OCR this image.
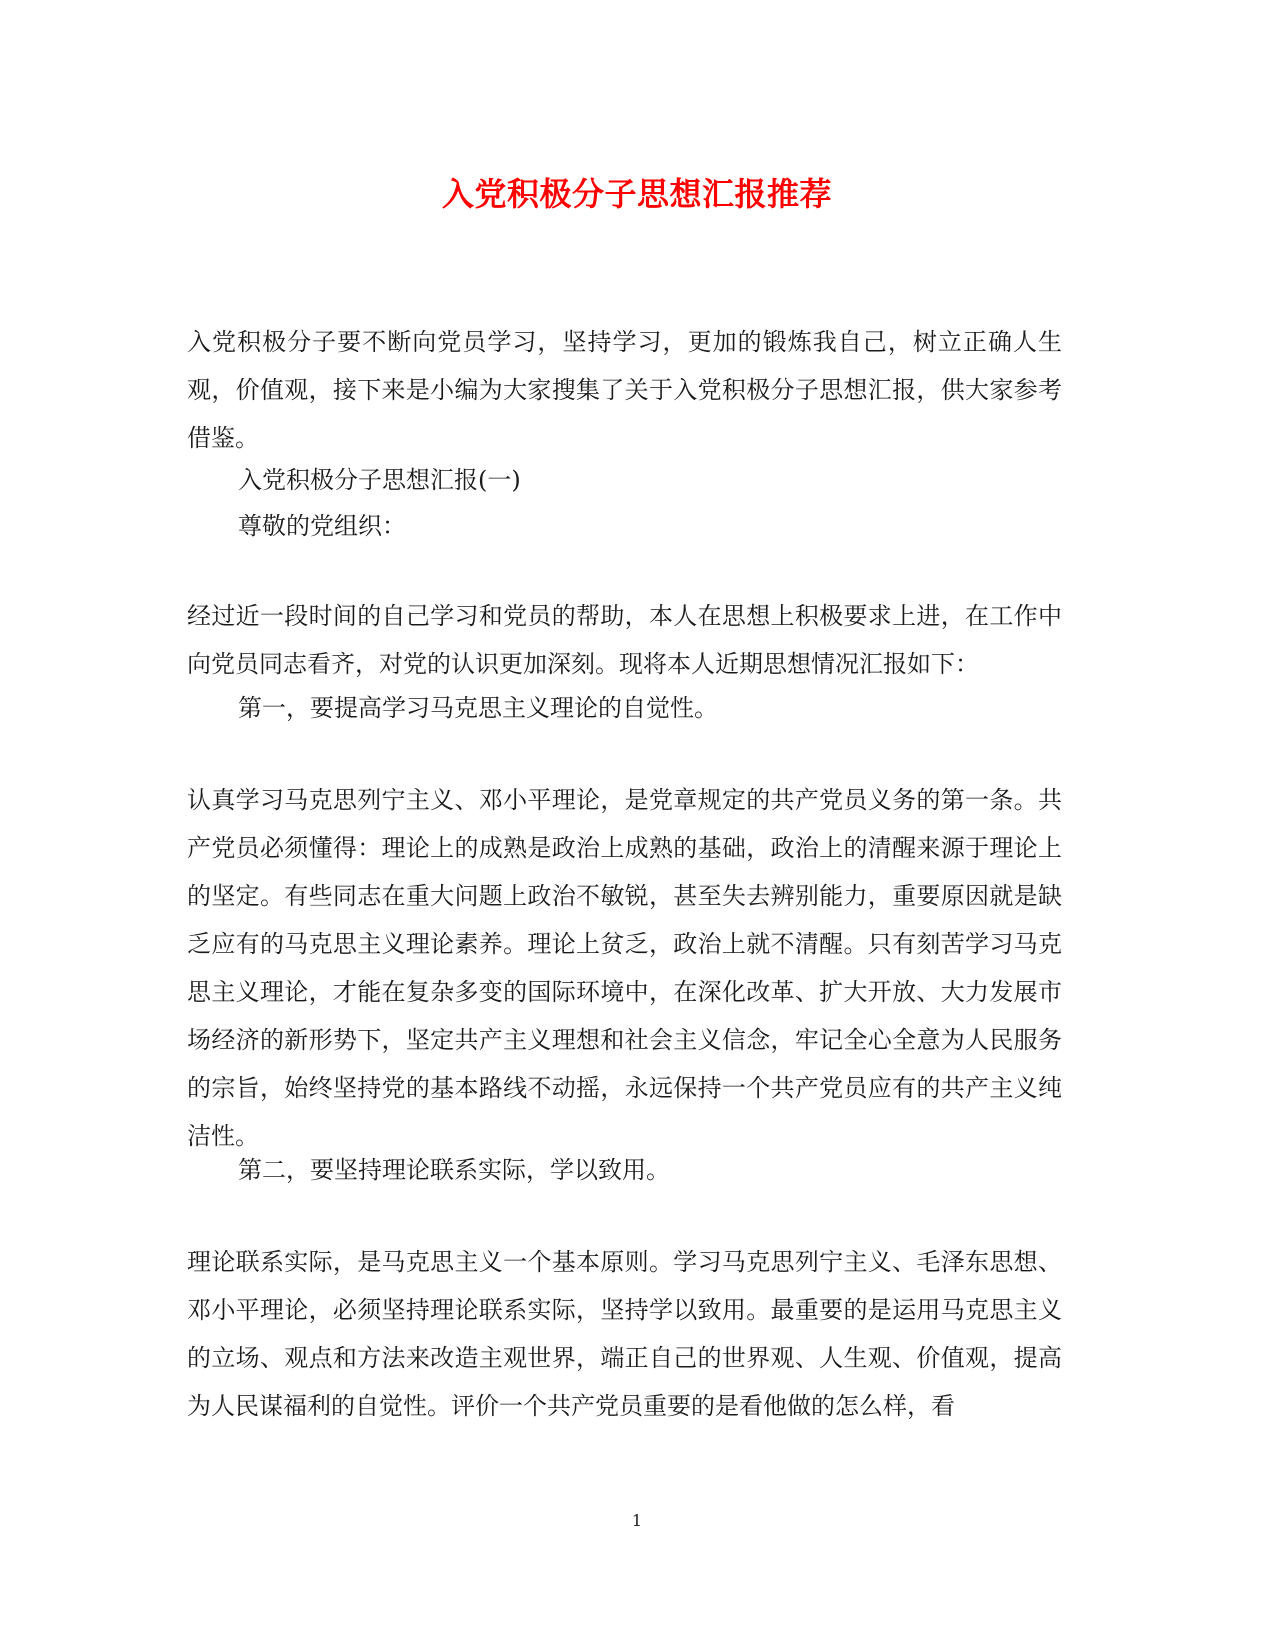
入党积极分子思想汇报推荐
入党积极分子要不断向党员学习，坚持学习，更加的锻炼我自己，树立正确人生观，价值观，接下来是小编为大家搜集了关于入党积极分子思想汇报，供大家参考借鉴。
入党积极分子思想汇报(一)
尊敬的党组织：
经过近一段时间的自己学习和党员的帮助，本人在思想上积极要求上进，在工作中向党员同志看齐，对党的认识更加深刻。现将本人近期思想情况汇报如下：
第一，要提高学习马克思主义理论的自觉性。
认真学习马克思列宁主义、邓小平理论，是党章规定的共产党员义务的第一条。共产党员必须懂得：理论上的成熟是政治上成熟的基础，政治上的清醒来源于理论上的坚定。有些同志在重大问题上政治不敏锐，甚至失去辨别能力，重要原因就是缺乏应有的马克思主义理论素养。理论上贫乏，政治上就不清醒。只有刻苦学习马克思主义理论，才能在复杂多变的国际环境中，在深化改革、扩大开放、大力发展市场经济的新形势下，坚定共产主义理想和社会主义信念，牢记全心全意为人民服务的宗旨，始终坚持党的基本路线不动摇，永远保持一个共产党员应有的共产主义纯洁性。
第二，要坚持理论联系实际，学以致用。
理论联系实际，是马克思主义一个基本原则。学习马克思列宁主义、毛泽东思想、邓小平理论，必须坚持理论联系实际，坚持学以致用。最重要的是运用马克思主义的立场、观点和方法来改造主观世界，端正自己的世界观、人生观、价值观，提高为人民谋福利的自觉性。评价一个共产党员重要的是看他做的怎么样，看
1
